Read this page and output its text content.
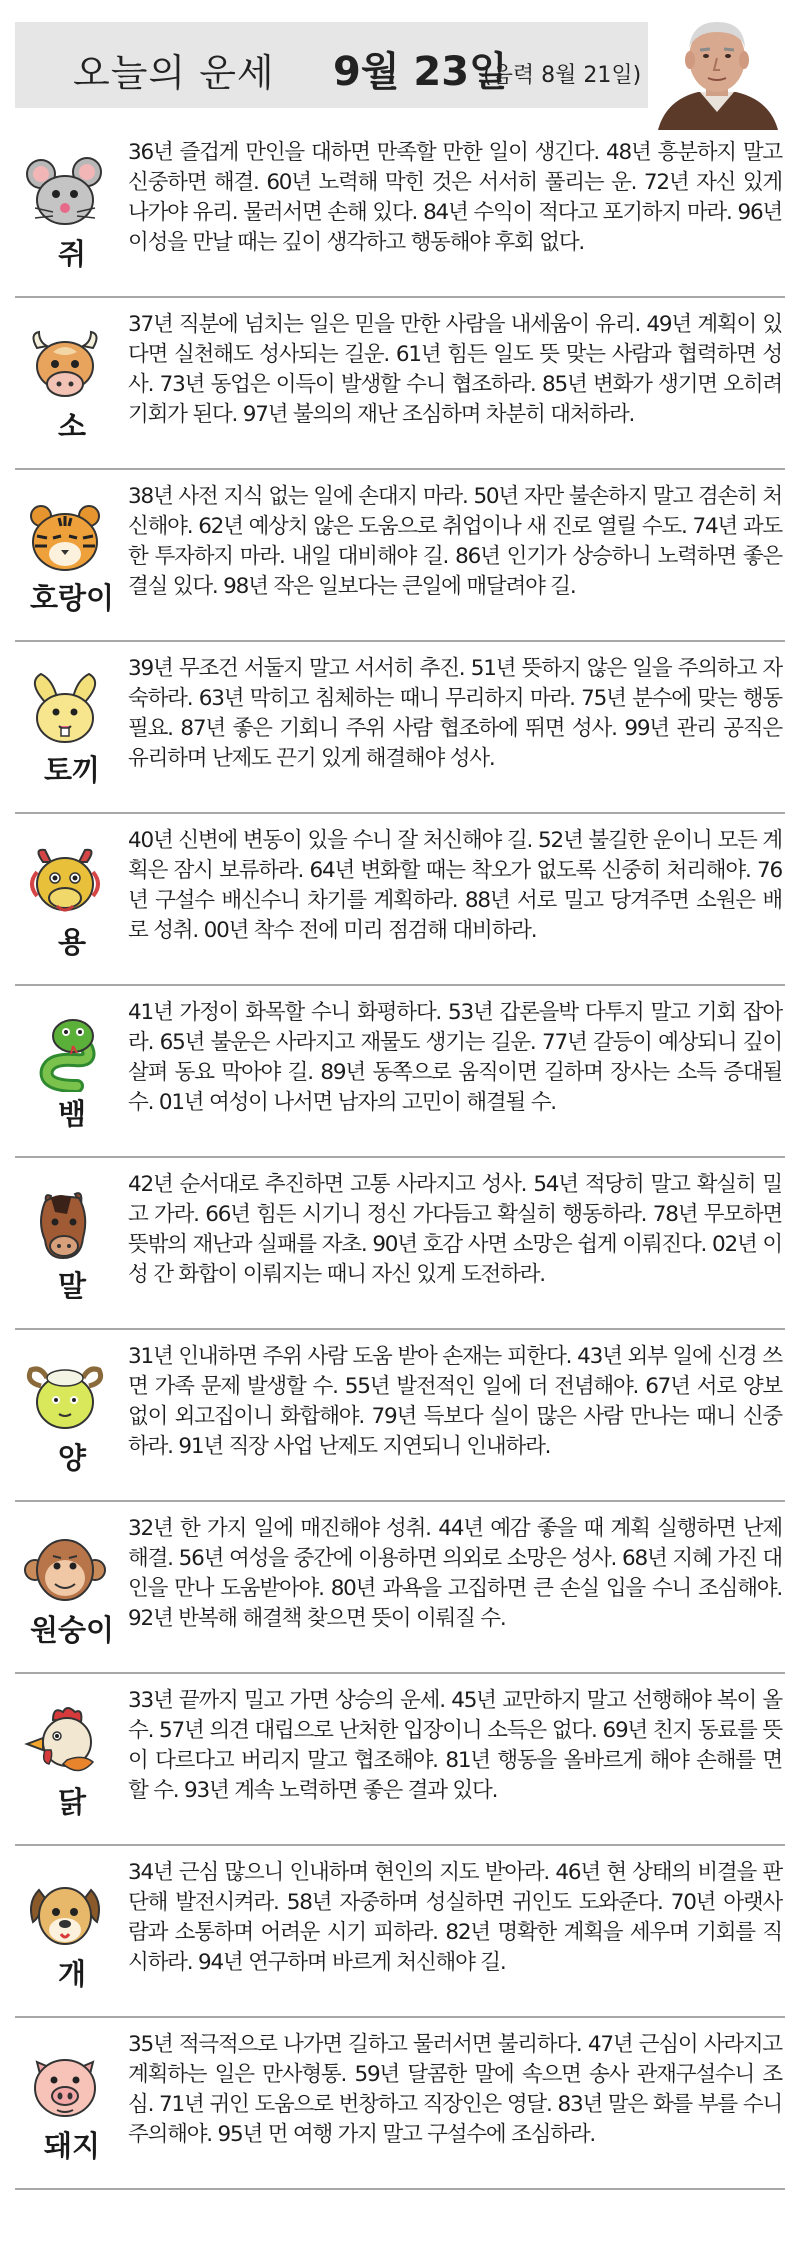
오늘의 운세 9월 23일
(음력 8월 21일)
쥐
36년 즐겁게 만인을 대하면 만족할 만한 일이 생긴다. 48년 흥분하지 말고 신중하면 해결. 60년 노력해 막힌 것은 서서히 풀리는 운. 72년 자신 있게 나가야 유리. 물러서면 손해 있다. 84년 수익이 적다고 포기하지 마라. 96년 이성을 만날 때는 깊이 생각하고 행동해야 후회 없다.
소
37년 직분에 넘치는 일은 믿을 만한 사람을 내세움이 유리. 49년 계획이 있다면 실천해도 성사되는 길운. 61년 힘든 일도 뜻 맞는 사람과 협력하면 성사. 73년 동업은 이득이 발생할 수니 협조하라. 85년 변화가 생기면 오히려 기회가 된다. 97년 불의의 재난 조심하며 차분히 대처하라.
호랑이
38년 사전 지식 없는 일에 손대지 마라. 50년 자만 불손하지 말고 겸손히 처신해야. 62년 예상치 않은 도움으로 취업이나 새 진로 열릴 수도. 74년 과도한 투자하지 마라. 내일 대비해야 길. 86년 인기가 상승하니 노력하면 좋은 결실 있다. 98년 작은 일보다는 큰일에 매달려야 길.
토끼
39년 무조건 서둘지 말고 서서히 추진. 51년 뜻하지 않은 일을 주의하고 자숙하라. 63년 막히고 침체하는 때니 무리하지 마라. 75년 분수에 맞는 행동 필요. 87년 좋은 기회니 주위 사람 협조하에 뛰면 성사. 99년 관리 공직은 유리하며 난제도 끈기 있게 해결해야 성사.
용
40년 신변에 변동이 있을 수니 잘 처신해야 길. 52년 불길한 운이니 모든 계획은 잠시 보류하라. 64년 변화할 때는 착오가 없도록 신중히 처리해야. 76년 구설수 배신수니 차기를 계획하라. 88년 서로 밀고 당겨주면 소원은 배로 성취. 00년 착수 전에 미리 점검해 대비하라.
뱀
41년 가정이 화목할 수니 화평하다. 53년 갑론을박 다투지 말고 기회 잡아라. 65년 불운은 사라지고 재물도 생기는 길운. 77년 갈등이 예상되니 깊이 살펴 동요 막아야 길. 89년 동쪽으로 움직이면 길하며 장사는 소득 증대될 수. 01년 여성이 나서면 남자의 고민이 해결될 수.
말
42년 순서대로 추진하면 고통 사라지고 성사. 54년 적당히 말고 확실히 밀고 가라. 66년 힘든 시기니 정신 가다듬고 확실히 행동하라. 78년 무모하면 뜻밖의 재난과 실패를 자초. 90년 호감 사면 소망은 쉽게 이뤄진다. 02년 이성 간 화합이 이뤄지는 때니 자신 있게 도전하라.
양
31년 인내하면 주위 사람 도움 받아 손재는 피한다. 43년 외부 일에 신경 쓰면 가족 문제 발생할 수. 55년 발전적인 일에 더 전념해야. 67년 서로 양보 없이 외고집이니 화합해야. 79년 득보다 실이 많은 사람 만나는 때니 신중하라. 91년 직장 사업 난제도 지연되니 인내하라.
원숭이
32년 한 가지 일에 매진해야 성취. 44년 예감 좋을 때 계획 실행하면 난제 해결. 56년 여성을 중간에 이용하면 의외로 소망은 성사. 68년 지혜 가진 대인을 만나 도움받아야. 80년 과욕을 고집하면 큰 손실 입을 수니 조심해야. 92년 반복해 해결책 찾으면 뜻이 이뤄질 수.
닭
33년 끝까지 밀고 가면 상승의 운세. 45년 교만하지 말고 선행해야 복이 올 수. 57년 의견 대립으로 난처한 입장이니 소득은 없다. 69년 친지 동료를 뜻이 다르다고 버리지 말고 협조해야. 81년 행동을 올바르게 해야 손해를 면할 수. 93년 계속 노력하면 좋은 결과 있다.
개
34년 근심 많으니 인내하며 현인의 지도 받아라. 46년 현 상태의 비결을 판단해 발전시켜라. 58년 자중하며 성실하면 귀인도 도와준다. 70년 아랫사람과 소통하며 어려운 시기 피하라. 82년 명확한 계획을 세우며 기회를 직시하라. 94년 연구하며 바르게 처신해야 길.
돼지
35년 적극적으로 나가면 길하고 물러서면 불리하다. 47년 근심이 사라지고 계획하는 일은 만사형통. 59년 달콤한 말에 속으면 송사 관재구설수니 조심. 71년 귀인 도움으로 번창하고 직장인은 영달. 83년 말은 화를 부를 수니 주의해야. 95년 먼 여행 가지 말고 구설수에 조심하라.
